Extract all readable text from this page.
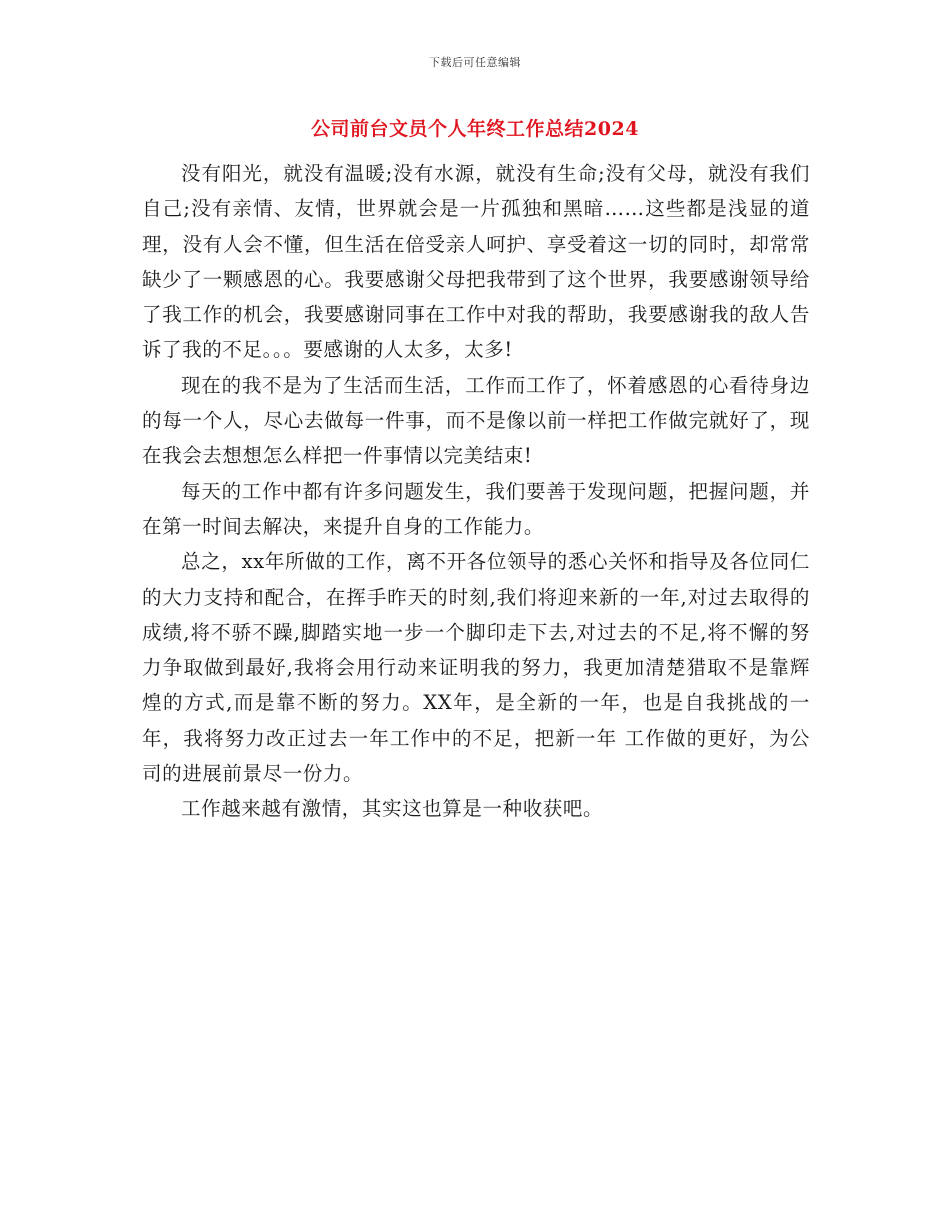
下载后可任意编辑
公司前台文员个人年终工作总结2024

没有阳光，就没有温暖;没有水源，就没有生命;没有父母，就没有我们自己;没有亲情、友情，世界就会是一片孤独和黑暗……这些都是浅显的道理，没有人会不懂，但生活在倍受亲人呵护、享受着这一切的同时，却常常缺少了一颗感恩的心。我要感谢父母把我带到了这个世界，我要感谢领导给了我工作的机会，我要感谢同事在工作中对我的帮助，我要感谢我的敌人告诉了我的不足。。。要感谢的人太多，太多!

现在的我不是为了生活而生活，工作而工作了，怀着感恩的心看待身边的每一个人，尽心去做每一件事，而不是像以前一样把工作做完就好了，现在我会去想想怎么样把一件事情以完美结束!

每天的工作中都有许多问题发生，我们要善于发现问题，把握问题，并在第一时间去解决，来提升自身的工作能力。

总之，xx年所做的工作，离不开各位领导的悉心关怀和指导及各位同仁的大力支持和配合，在挥手昨天的时刻,我们将迎来新的一年,对过去取得的成绩,将不骄不躁,脚踏实地一步一个脚印走下去,对过去的不足,将不懈的努力争取做到最好,我将会用行动来证明我的努力，我更加清楚猎取不是靠辉煌的方式,而是靠不断的努力。XX年，是全新的一年，也是自我挑战的一年，我将努力改正过去一年工作中的不足，把新一年 工作做的更好，为公司的进展前景尽一份力。

工作越来越有激情，其实这也算是一种收获吧。
